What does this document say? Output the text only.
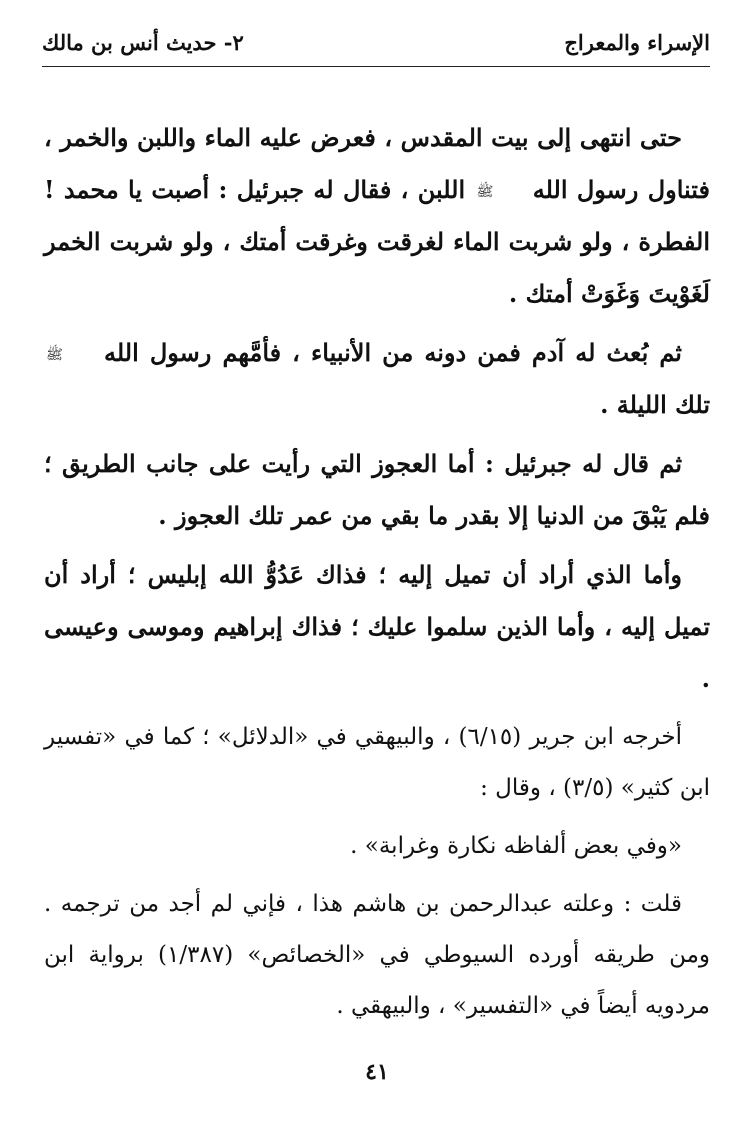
الإسراء والمعراج
٢- حديث أنس بن مالك

حتى انتهى إلى بيت المقدس ، فعرض عليه الماء واللبن والخمر ، فتناول رسول الله ﷺ اللبن ، فقال له جبرئيل : أصبت يا محمد ! الفطرة ، ولو شربت الماء لغرقت وغرقت أمتك ، ولو شربت الخمر لَغَوْيتَ وَغَوَتْ أمتك .

ثم بُعث له آدم فمن دونه من الأنبياء ، فأمَّهم رسول الله ﷺ تلك الليلة .

ثم قال له جبرئيل : أما العجوز التي رأيت على جانب الطريق ؛ فلم يَبْقَ من الدنيا إلا بقدر ما بقي من عمر تلك العجوز .

وأما الذي أراد أن تميل إليه ؛ فذاك عَدُوُّ الله إبليس ؛ أراد أن تميل إليه ، وأما الذين سلموا عليك ؛ فذاك إبراهيم وموسى وعيسى .

أخرجه ابن جرير (٦/١٥) ، والبيهقي في «الدلائل» ؛ كما في «تفسير ابن كثير» (٣/٥) ، وقال :

«وفي بعض ألفاظه نكارة وغرابة» .

قلت : وعلته عبدالرحمن بن هاشم هذا ، فإني لم أجد من ترجمه . ومن طريقه أورده السيوطي في «الخصائص» (١/٣٨٧) برواية ابن مردويه أيضاً في «التفسير» ، والبيهقي .

٤١
